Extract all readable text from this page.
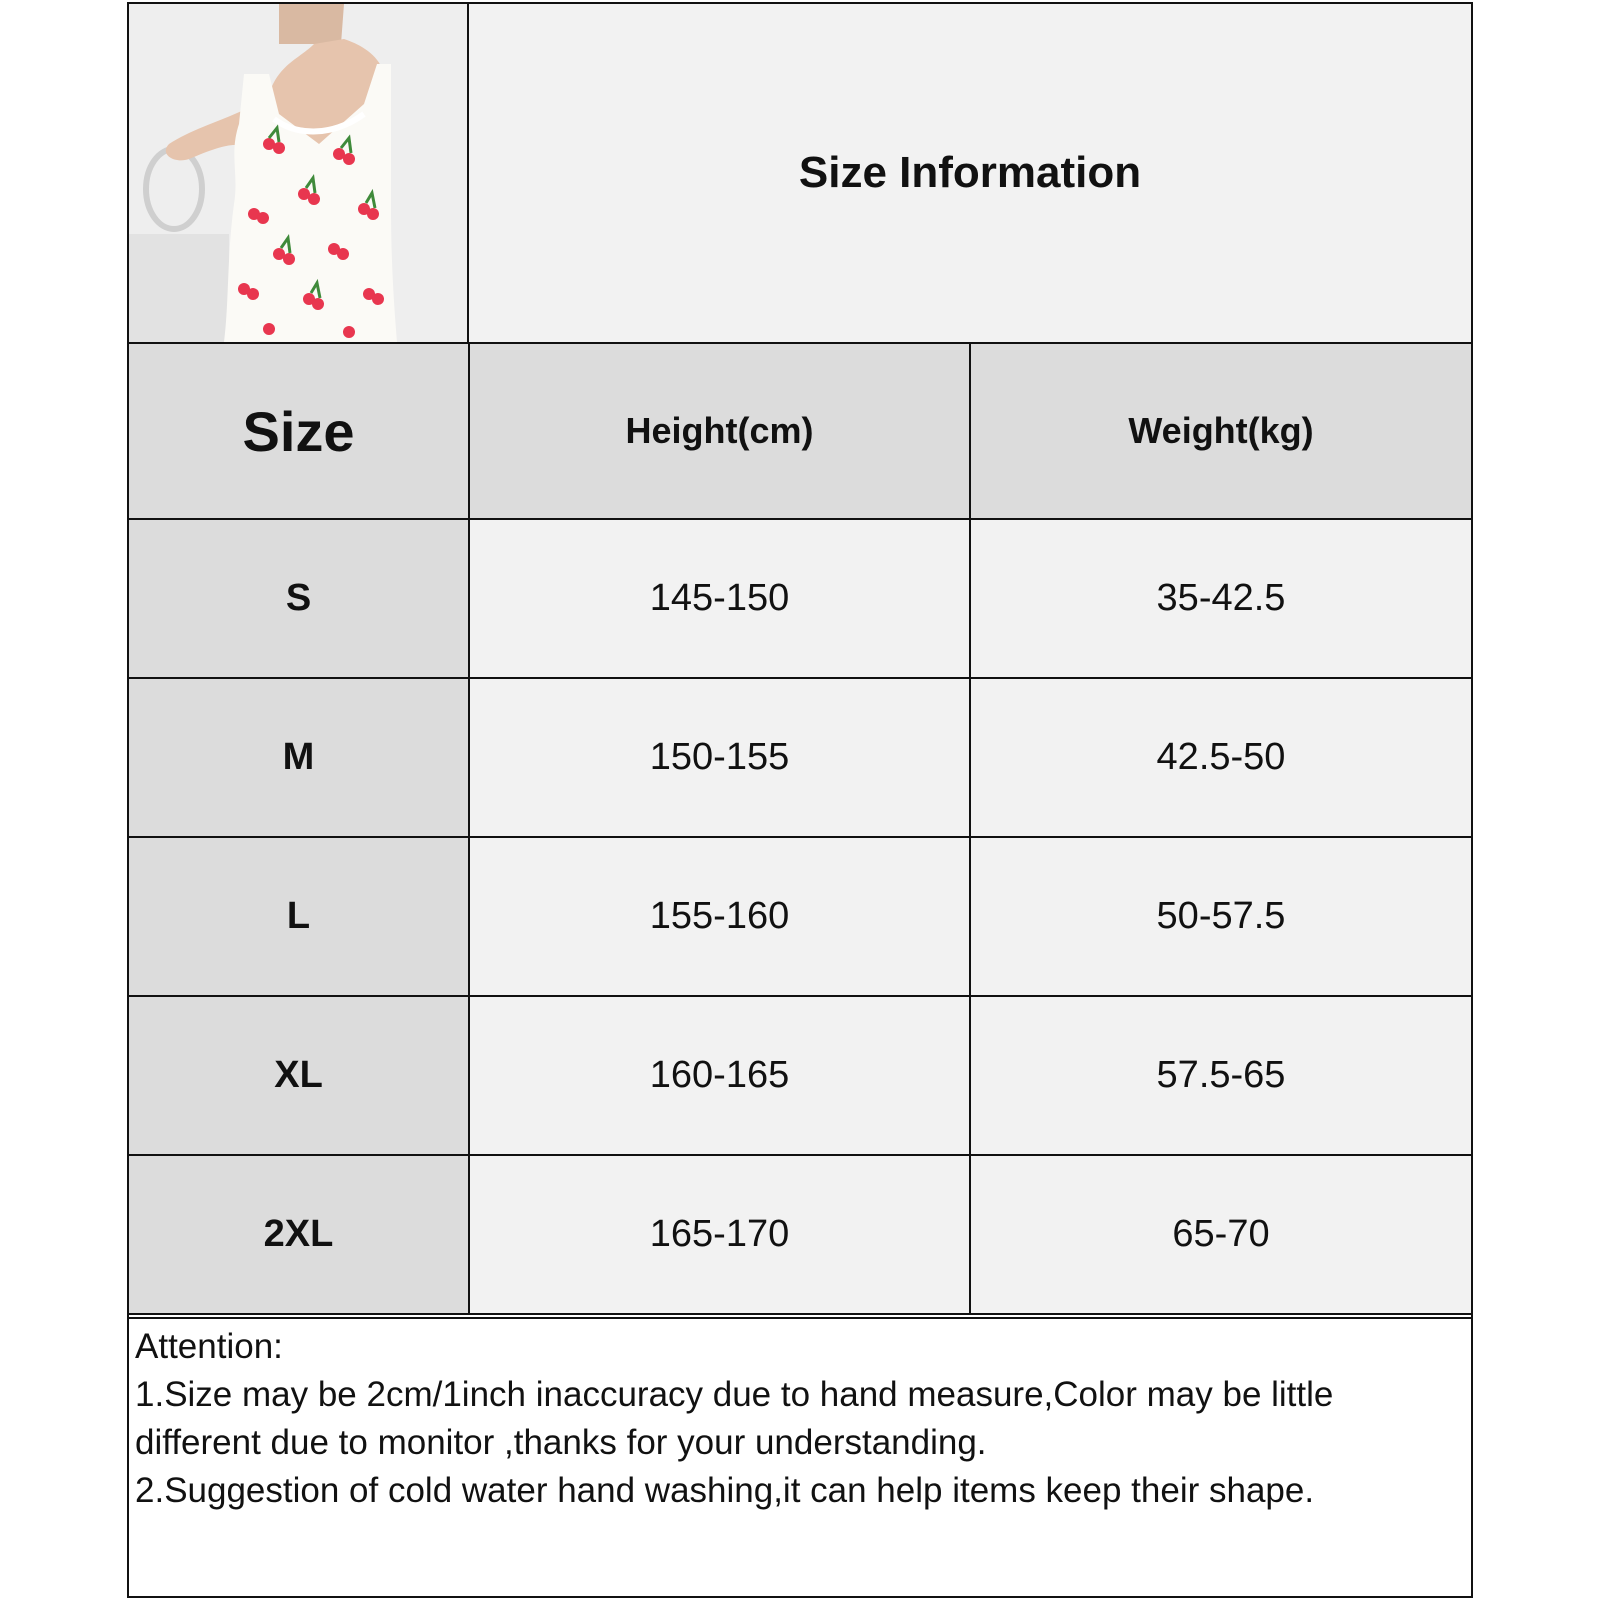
Size Information
Size	Height(cm)	Weight(kg)
S	145-150	35-42.5
M	150-155	42.5-50
L	155-160	50-57.5
XL	160-165	57.5-65
2XL	165-170	65-70
Attention:
1.Size may be 2cm/1inch inaccuracy due to hand measure,Color may be little different due to monitor ,thanks for your understanding.
2.Suggestion of cold water hand washing,it can help items keep their shape.
